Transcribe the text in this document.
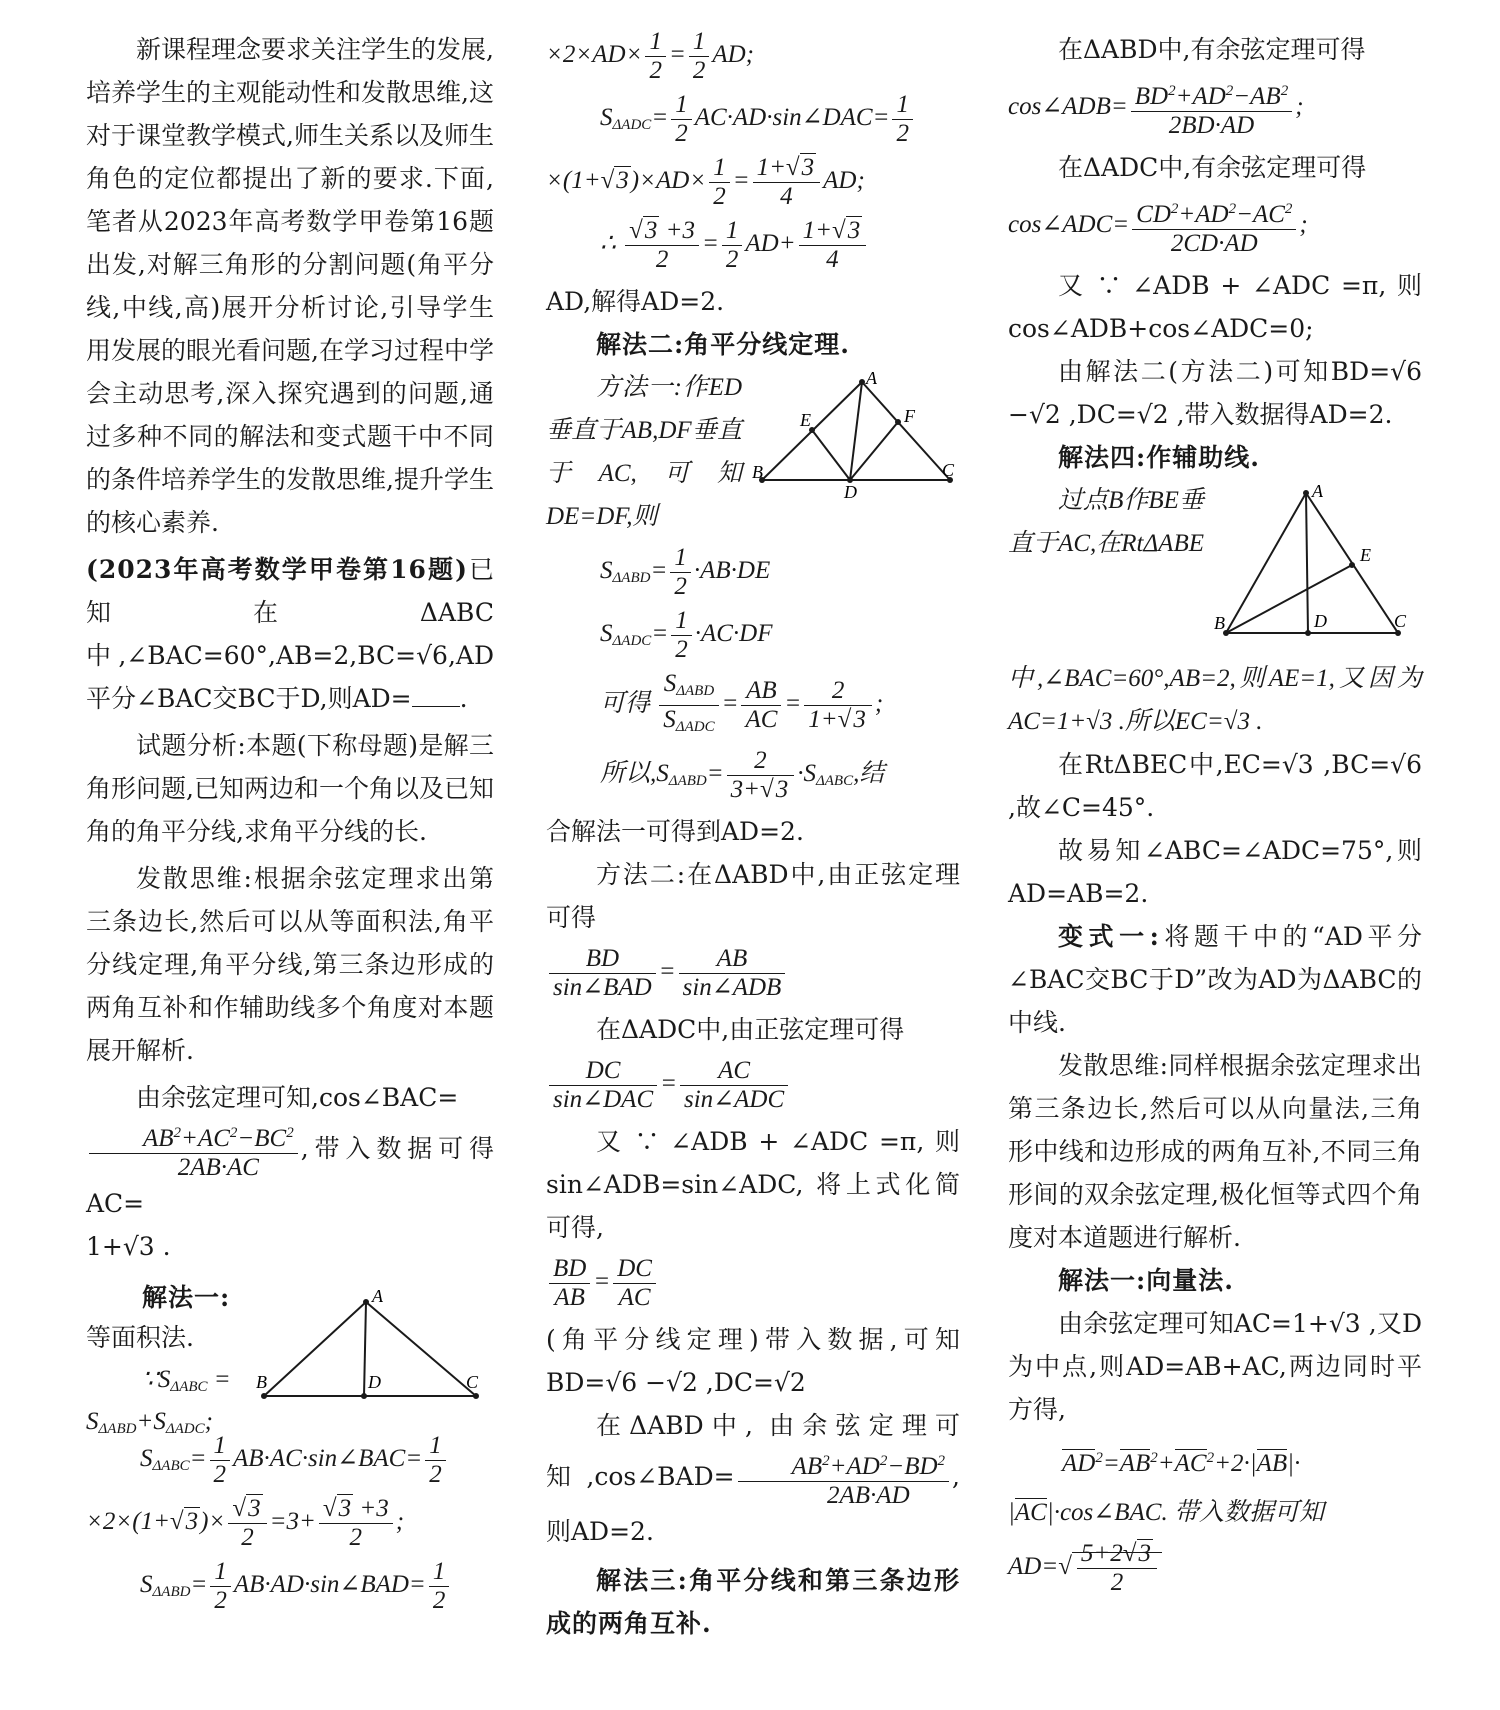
新课程理念要求关注学生的发展,培养学生的主观能动性和发散思维,这对于课堂教学模式,师生关系以及师生角色的定位都提出了新的要求.下面,笔者从2023年高考数学甲卷第16题出发,对解三角形的分割问题(角平分线,中线,高)展开分析讨论,引导学生用发展的眼光看问题,在学习过程中学会主动思考,深入探究遇到的问题,通过多种不同的解法和变式题干中不同的条件培养学生的发散思维,提升学生的核心素养.

(2023年高考数学甲卷第16题)已知在ΔABC中,∠BAC=60°,AB=2,BC=√6,AD平分∠BAC交BC于D,则AD= .

试题分析:本题(下称母题)是解三角形问题,已知两边和一个角以及已知角的角平分线,求角平分线的长.

发散思维:根据余弦定理求出第三条边长,然后可以从等面积法,角平分线定理,角平分线,第三条边形成的两角互补和作辅助线多个角度对本题展开解析.

由余弦定理可知,cos∠BAC=

$\frac{AB^2+AC^2-BC^2}{2AB\cdot AC}$ ,带入数据可得AC=
1+√3 .

解法一:
等面积法.
$\because S_{\Delta ABC}$ =
$S_{\Delta ABD}+S_{\Delta ADC}$;
A
B	C
D
$S_{\Delta ABC}= \frac{1}{2}$ AB·AC·sin∠BAC= $\frac{1}{2}$
$\times 2\times(1+√3)\times \frac{√3}{2} =3+ \frac{√3 +3}{2}$ ;
$S_{\Delta ABD}= \frac{1}{2}$ AB·AD·sin∠BAD= $\frac{1}{2}$
$\times 2\times AD\times \frac{1}{2} = \frac{1}{2}$ AD;
$S_{\Delta ADC}= \frac{1}{2}$ AC·AD·sin∠DAC= $\frac{1}{2}$
$\times(1+√3)\times AD\times \frac{1}{2} = \frac{1+√3}{4}$ AD;
∴ $\frac{√3 +3}{2} = \frac{1}{2} AD+ \frac{1+√3}{4}$

AD,解得AD=2.

解法二:角平分线定理.

A
E	F
B
D
C

方法一:作ED垂直于AB,DF垂直于AC,可知DE=DF,则

$S_{\Delta ABD}= \frac{1}{2} \cdot AB\cdot DE$
$S_{\Delta ADC}= \frac{1}{2} \cdot AC\cdot DF$
可得 $\frac{S_{\Delta ABD}}{S_{\Delta ADC}} = \frac{AB}{AC} = \frac{2}{1+√3}$ ;
所以$,S_{\Delta ABD}= \frac{2}{3+√3} \cdot S_{\Delta ABC}$,结

合解法一可得到AD=2.

方法二:在ΔABD中,由正弦定理可得

$\frac{BD}{\text{sin∠BAD}} = \frac{AB}{\text{sin∠ADB}}$

在ΔADC中,由正弦定理可得

$\frac{DC}{\text{sin∠DAC}} = \frac{AC}{\text{sin∠ADC}}$

又 ∵ ∠ADB + ∠ADC =π, 则sin∠ADB=sin∠ADC, 将上式化简可得,

$\frac{BD}{AB} = \frac{DC}{AC}$

(角平分线定理)带入数据,可知BD=√6 −√2 ,DC=√2

在ΔABD中, 由余弦定理可知,cos∠BAD= $\frac{AB^2+AD^2-BD^2}{2AB\cdot AD}$ ,则AD=2.

解法三:角平分线和第三条边形成的两角互补.

在ΔABD中,有余弦定理可得

cos∠ADB= $\frac{BD^2+AD^2-AB^2}{2BD\cdot AD}$ ;

在ΔADC中,有余弦定理可得

cos∠ADC= $\frac{CD^2+AD^2-AC^2}{2CD\cdot AD}$ ;

又 ∵ ∠ADB + ∠ADC =π, 则cos∠ADB+cos∠ADC=0;

由解法二(方法二)可知BD=√6 −√2 ,DC=√2 ,带入数据得AD=2.

解法四:作辅助线.

A
E
B	D	C

过点B作BE垂直于AC,在RtΔABE中,∠BAC=60°,AB=2,则AE=1,又因为AC=1+√3 .所以EC=√3 .

在RtΔBEC中,EC=√3 ,BC=√6 ,故∠C=45°.

故易知∠ABC=∠ADC=75°,则AD=AB=2.

变式一:将题干中的“AD平分∠BAC交BC于D”改为AD为ΔABC的中线.

发散思维:同样根据余弦定理求出第三条边长,然后可以从向量法,三角形中线和边形成的两角互补,不同三角形间的双余弦定理,极化恒等式四个角度对本道题进行解析.

解法一:向量法.

由余弦定理可知AC=1+√3 ,又D为中点,则AD=AB+AC,两边同时平方得,

$AD^2=AB^2+AC^2+2\cdot|AB|\cdot$

|AC|·cos∠BAC. 带入数据可知

$AD=√ \frac{5+2√3}{2}$
